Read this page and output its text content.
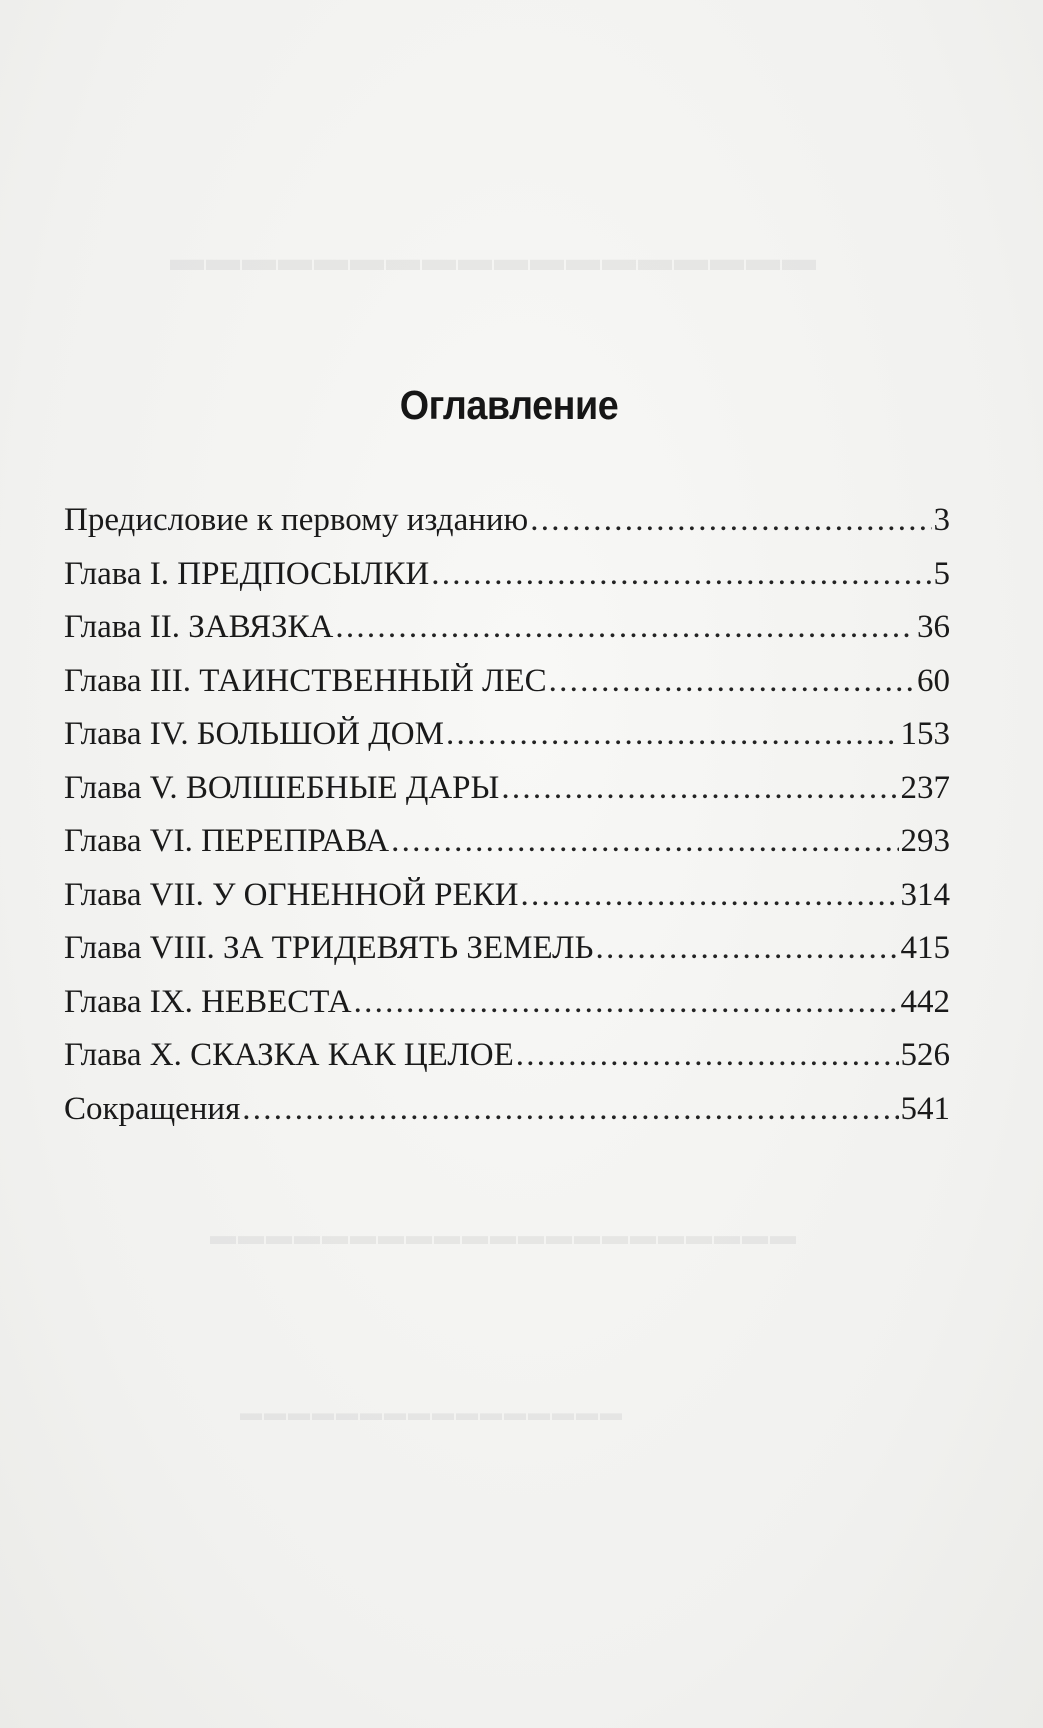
▬▬▬▬▬▬▬▬▬▬▬▬▬▬▬▬▬▬
▬▬▬▬▬▬▬▬▬▬▬▬▬▬▬▬▬▬▬▬▬
▬▬▬▬▬▬▬▬▬▬▬▬▬▬▬▬
Оглавление
Предисловие к первому изданию . . .	3
Глава I. ПРЕДПОСЫЛКИ . . .	5
Глава II. ЗАВЯЗКА . . .	36
Глава III. ТАИНСТВЕННЫЙ ЛЕС . . .	60
Глава IV. БОЛЬШОЙ ДОМ . . .	153
Глава V. ВОЛШЕБНЫЕ ДАРЫ . . .	237
Глава VI. ПЕРЕПРАВА . . .	293
Глава VII. У ОГНЕННОЙ РЕКИ . . .	314
Глава VIII. ЗА ТРИДЕВЯТЬ ЗЕМЕЛЬ . . .	415
Глава IX. НЕВЕСТА . . .	442
Глава X. СКАЗКА КАК ЦЕЛОЕ . . .	526
Сокращения . . .	541
